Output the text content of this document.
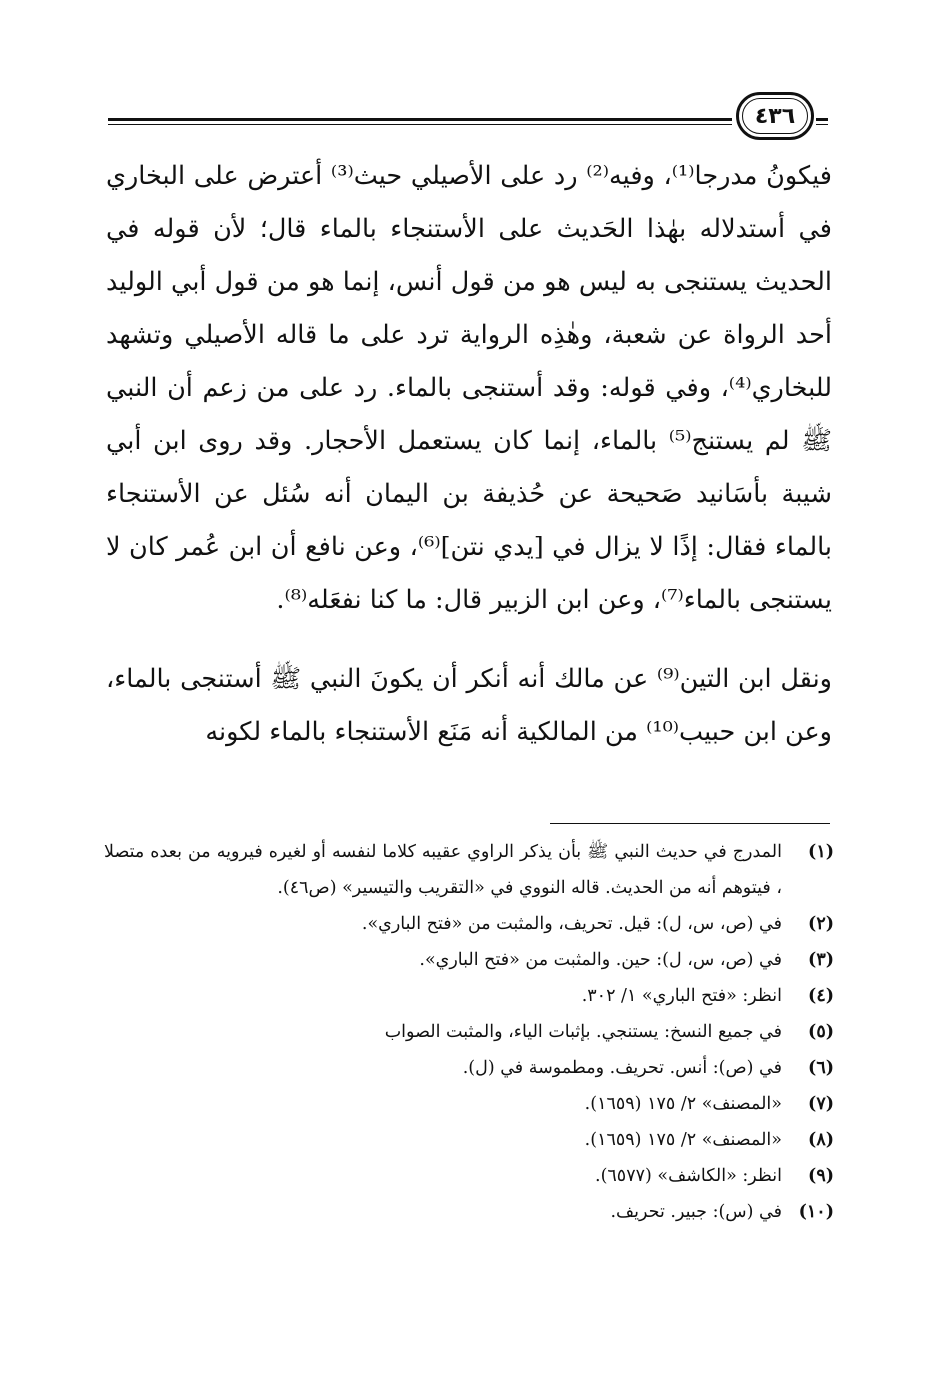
٤٣٦

فيكونُ مدرجا⁽¹⁾، وفيه⁽²⁾ رد على الأصيلي حيث⁽³⁾ أعترض على البخاري في أستدلاله بهٰذا الحَديث على الأستنجاء بالماء قال؛ لأن قوله في الحديث يستنجى به ليس هو من قول أنس، إنما هو من قول أبي الوليد أحد الرواة عن شعبة، وهٰذِه الرواية ترد على ما قاله الأصيلي وتشهد للبخاري⁽⁴⁾، وفي قوله: وقد أستنجى بالماء. رد على من زعم أن النبي ﷺ لم يستنج⁽⁵⁾ بالماء، إنما كان يستعمل الأحجار. وقد روى ابن أبي شيبة بأسَانيد صَحيحة عن حُذيفة بن اليمان أنه سُئل عن الأستنجاء بالماء فقال: إذًا لا يزال في [يدي نتن]⁽⁶⁾، وعن نافع أن ابن عُمر كان لا يستنجى بالماء⁽⁷⁾، وعن ابن الزبير قال: ما كنا نفعَله⁽⁸⁾.

ونقل ابن التين⁽⁹⁾ عن مالك أنه أنكر أن يكونَ النبي ﷺ أستنجى بالماء، وعن ابن حبيب⁽¹⁰⁾ من المالكية أنه مَنَع الأستنجاء بالماء لكونه

(١)
المدرج في حديث النبي ﷺ بأن يذكر الراوي عقيبه كلاما لنفسه أو لغيره فيرويه من بعده متصلا ، فيتوهم أنه من الحديث. قاله النووي في «التقريب والتيسير» (ص٤٦).
(٢)
في (ص، س، ل): قيل. تحريف، والمثبت من «فتح الباري».
(٣)
في (ص، س، ل): حين. والمثبت من «فتح الباري».
(٤)
انظر: «فتح الباري» ١/ ٣٠٢.
(٥)
في جميع النسخ: يستنجي. بإثبات الياء، والمثبت الصواب
(٦)
في (ص): أنس. تحريف. ومطموسة في (ل).
(٧)
«المصنف» ٢/ ١٧٥ (١٦٥٩).
(٨)
«المصنف» ٢/ ١٧٥ (١٦٥٩).
(٩)
انظر: «الكاشف» (٦٥٧٧).
(١٠)
في (س): جبير. تحريف.
